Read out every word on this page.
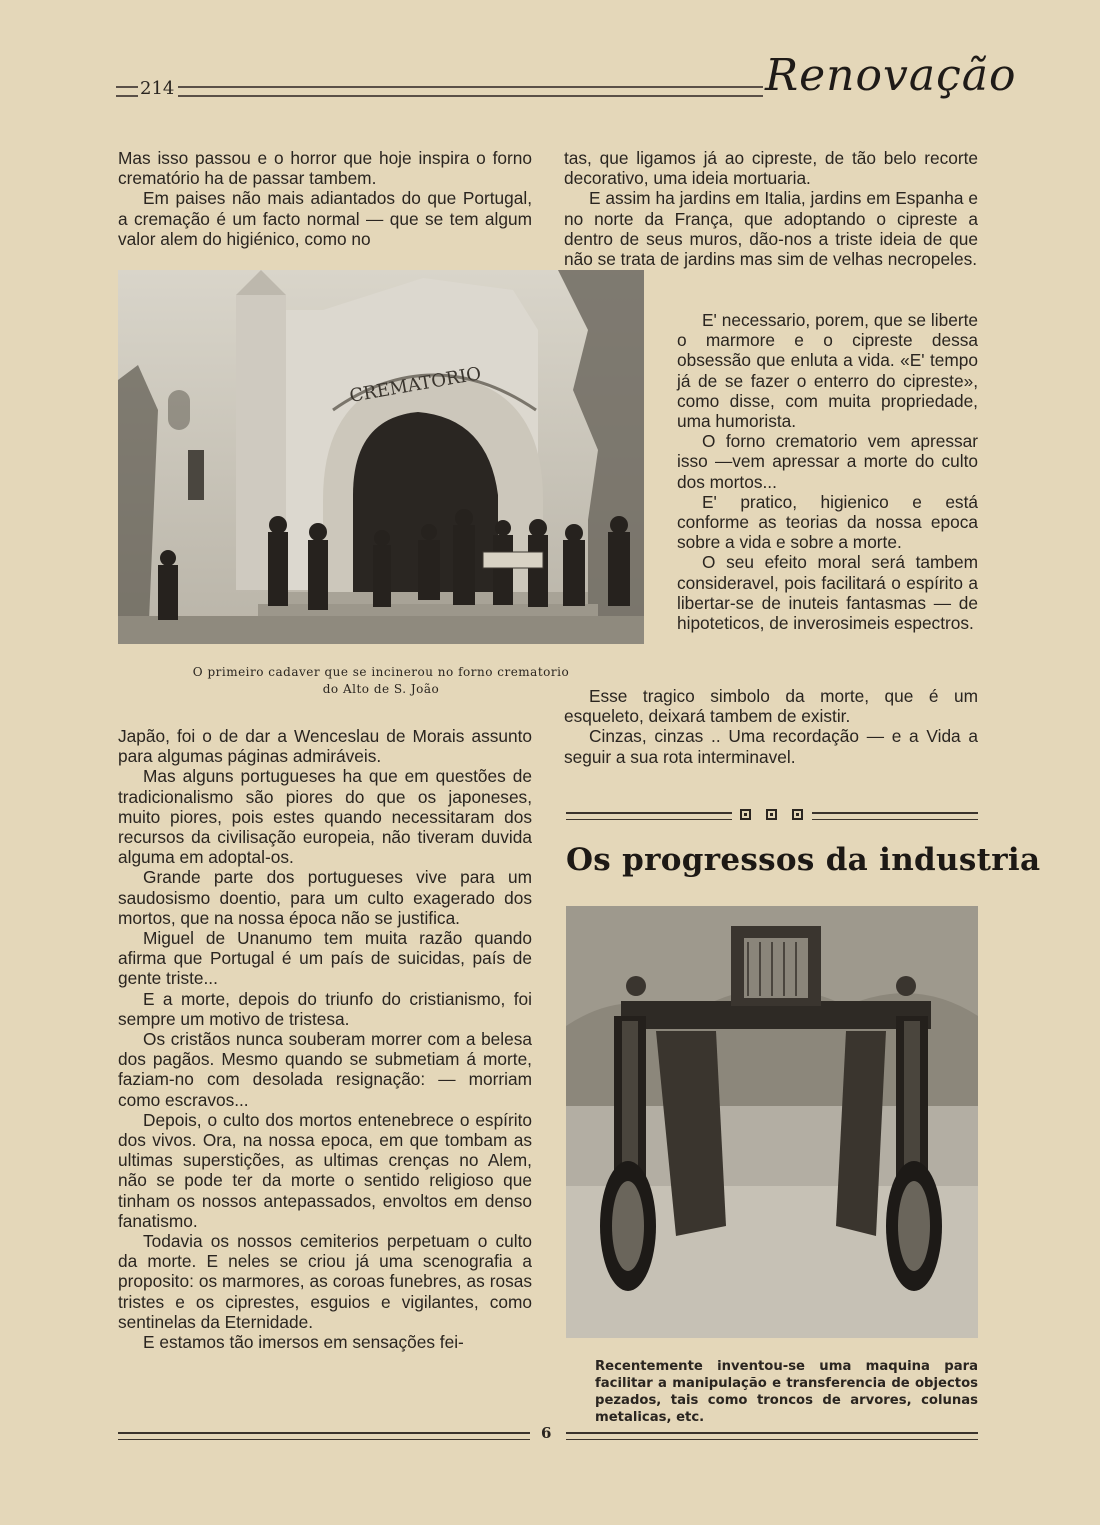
214	Renovação

Mas isso passou e o horror que hoje inspira o forno crematório ha de passar tambem.

Em paises não mais adiantados do que Portugal, a cremação é um facto normal — que se tem algum valor alem do higiénico, como no

CREMATORIO
O primeiro cadaver que se incinerou no forno crematorio
do Alto de S. João

Japão, foi o de dar a Wenceslau de Morais assunto para algumas páginas admiráveis.

Mas alguns portugueses ha que em questões de tradicionalismo são piores do que os japoneses, muito piores, pois estes quando necessitaram dos recursos da civilisação europeia, não tiveram duvida alguma em adoptal-os.

Grande parte dos portugueses vive para um saudosismo doentio, para um culto exagerado dos mortos, que na nossa época não se justifica.

Miguel de Unanumo tem muita razão quando afirma que Portugal é um país de suicidas, país de gente triste...

E a morte, depois do triunfo do cristianismo, foi sempre um motivo de tristesa.

Os cristãos nunca souberam morrer com a belesa dos pagãos. Mesmo quando se submetiam á morte, faziam-no com desolada resignação: — morriam como escravos...

Depois, o culto dos mortos entenebrece o espírito dos vivos. Ora, na nossa epoca, em que tombam as ultimas superstições, as ultimas crenças no Alem, não se pode ter da morte o sentido religioso que tinham os nossos antepassados, envoltos em denso fanatismo.

Todavia os nossos cemiterios perpetuam o culto da morte. E neles se criou já uma scenografia a proposito: os marmores, as coroas funebres, as rosas tristes e os ciprestes, esguios e vigilantes, como sentinelas da Eternidade.

E estamos tão imersos em sensações fei-

tas, que ligamos já ao cipreste, de tão belo recorte decorativo, uma ideia mortuaria.

E assim ha jardins em Italia, jardins em Espanha e no norte da França, que adoptando o cipreste a dentro de seus muros, dão-nos a triste ideia de que não se trata de jardins mas sim de velhas necropeles.

E' necessario, porem, que se liberte o marmore e o cipreste dessa obsessão que enluta a vida. «E' tempo já de se fazer o enterro do cipreste», como disse, com muita propriedade, uma humorista.

O forno crematorio vem apressar isso —vem apressar a morte do culto dos mortos...

E' pratico, higienico e está conforme as teorias da nossa epoca sobre a vida e sobre a morte.

O seu efeito moral será tambem consideravel, pois facilitará o espírito a libertar-se de inuteis fantasmas — de hipoteticos, de inverosimeis espectros.

Esse tragico simbolo da morte, que é um esqueleto, deixará tambem de existir.

Cinzas, cinzas .. Uma recordação — e a Vida a seguir a sua rota interminavel.

Os progressos da industria
Recentemente inventou-se uma maquina para facilitar a manipulação e transferencia de objectos pezados, tais como troncos de arvores, colunas metalicas, etc.
6
